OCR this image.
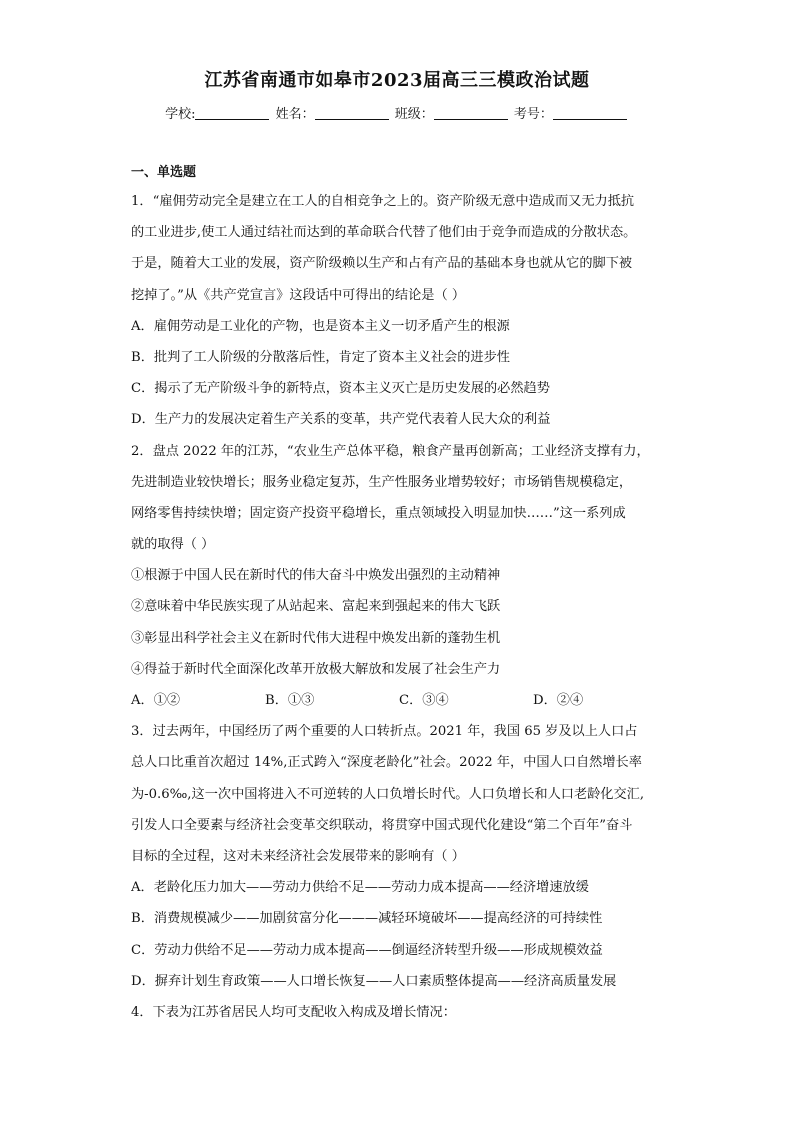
江苏省南通市如皋市2023届高三三模政治试题
学校:	姓名：	班级：	考号：
一、单选题
1．“雇佣劳动完全是建立在工人的自相竞争之上的。资产阶级无意中造成而又无力抵抗
的工业进步,使工人通过结社而达到的革命联合代替了他们由于竞争而造成的分散状态。
于是，随着大工业的发展，资产阶级赖以生产和占有产品的基础本身也就从它的脚下被
挖掉了。”从《共产党宣言》这段话中可得出的结论是（ ）
A．雇佣劳动是工业化的产物，也是资本主义一切矛盾产生的根源
B．批判了工人阶级的分散落后性，肯定了资本主义社会的进步性
C．揭示了无产阶级斗争的新特点，资本主义灭亡是历史发展的必然趋势
D．生产力的发展决定着生产关系的变革，共产党代表着人民大众的利益
2．盘点 2022 年的江苏，“农业生产总体平稳，粮食产量再创新高；工业经济支撑有力，
先进制造业较快增长；服务业稳定复苏，生产性服务业增势较好；市场销售规模稳定，
网络零售持续快增；固定资产投资平稳增长，重点领域投入明显加快……”这一系列成
就的取得（ ）
①根源于中国人民在新时代的伟大奋斗中焕发出强烈的主动精神
②意味着中华民族实现了从站起来、富起来到强起来的伟大飞跃
③彰显出科学社会主义在新时代伟大进程中焕发出新的蓬勃生机
④得益于新时代全面深化改革开放极大解放和发展了社会生产力
A．①②	B．①③	C．③④	D．②④
3．过去两年，中国经历了两个重要的人口转折点。2021 年，我国 65 岁及以上人口占
总人口比重首次超过 14%,正式跨入“深度老龄化”社会。2022 年，中国人口自然增长率
为-0.6‰,这一次中国将进入不可逆转的人口负增长时代。人口负增长和人口老龄化交汇,
引发人口全要素与经济社会变革交织联动，将贯穿中国式现代化建设“第二个百年”奋斗
目标的全过程，这对未来经济社会发展带来的影响有（ ）
A．老龄化压力加大——劳动力供给不足——劳动力成本提高——经济增速放缓
B．消费规模减少——加剧贫富分化———减轻环境破坏——提高经济的可持续性
C．劳动力供给不足——劳动力成本提高——倒逼经济转型升级——形成规模效益
D．摒弃计划生育政策——人口增长恢复——人口素质整体提高——经济高质量发展
4．下表为江苏省居民人均可支配收入构成及增长情况：
